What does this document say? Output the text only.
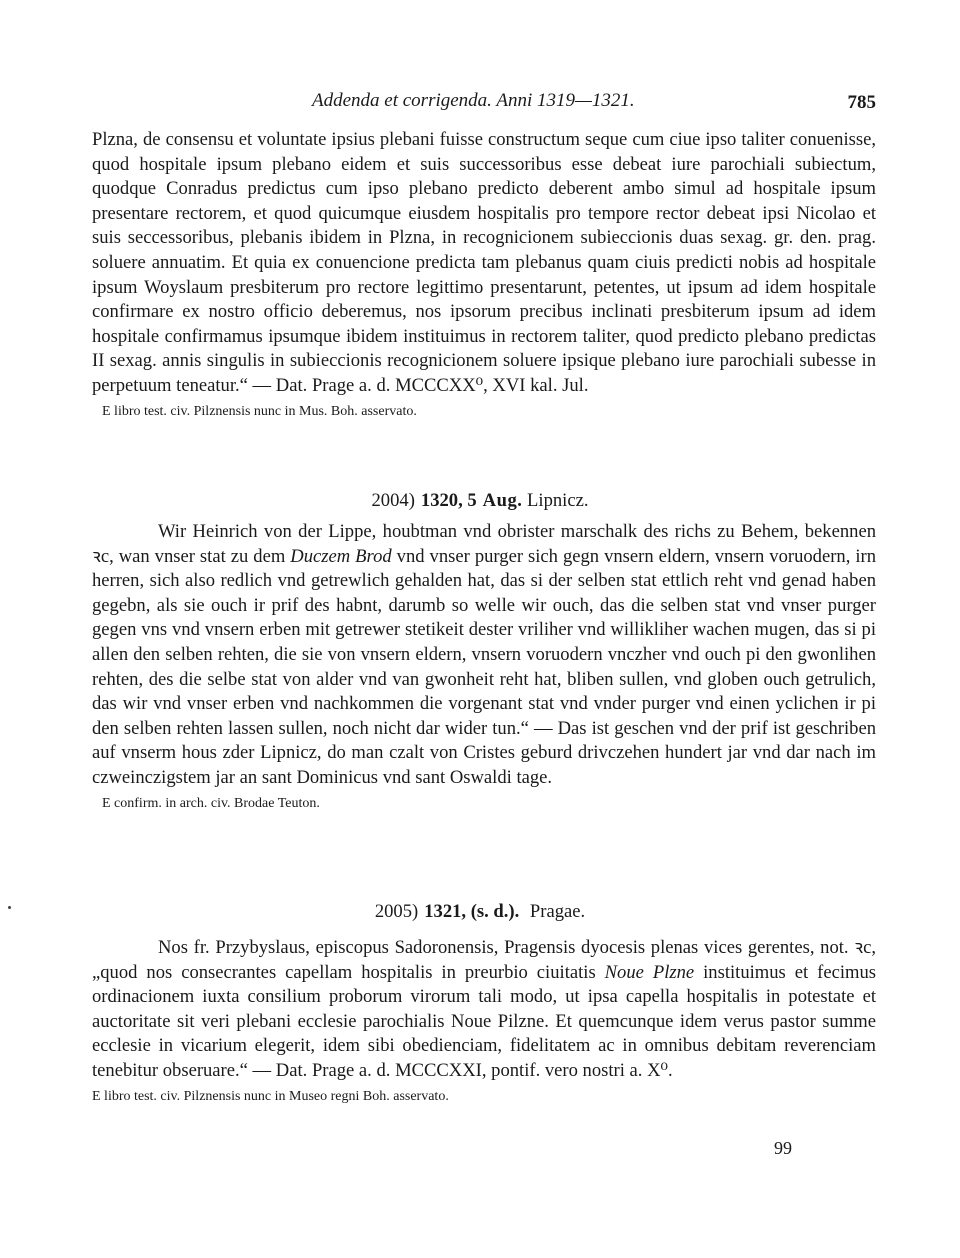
Addenda et corrigenda. Anni 1319—1321.	785

Plzna, de consensu et voluntate ipsius plebani fuisse constructum seque cum ciue ipso taliter conuenisse, quod hospitale ipsum plebano eidem et suis successoribus esse debeat iure parochiali subiectum, quodque Conradus predictus cum ipso plebano predicto deberent ambo simul ad hospitale ipsum presentare rectorem, et quod quicumque eiusdem hospitalis pro tempore rector debeat ipsi Nicolao et suis seccessoribus, plebanis ibidem in Plzna, in recognicionem subieccionis duas sexag. gr. den. prag. soluere annuatim. Et quia ex conuencione predicta tam plebanus quam ciuis predicti nobis ad hospitale ipsum Woyslaum presbiterum pro rectore legittimo presentarunt, petentes, ut ipsum ad idem hospitale confirmare ex nostro officio deberemus, nos ipsorum precibus inclinati presbiterum ipsum ad idem hospitale confirmamus ipsumque ibidem instituimus in rectorem taliter, quod predicto plebano predictas II sexag. annis singulis in subieccionis recognicionem soluere ipsique plebano iure parochiali subesse in perpetuum teneatur.“ — Dat. Prage a. d. MCCCXX⁰, XVI kal. Jul.

E libro test. civ. Pilznensis nunc in Mus. Boh. asservato.

2004) 1320, 5 Aug. Lipnicz.

Wir Heinrich von der Lippe, houbtman vnd obrister marschalk des richs zu Behem, bekennen ꝛc, wan vnser stat zu dem Duczem Brod vnd vnser purger sich gegn vnsern eldern, vnsern voruodern, irn herren, sich also redlich vnd getrewlich gehalden hat, das si der selben stat ettlich reht vnd genad haben gegebn, als sie ouch ir prif des habnt, darumb so welle wir ouch, das die selben stat vnd vnser purger gegen vns vnd vnsern erben mit getrewer stetikeit dester vriliher vnd willikliher wachen mugen, das si pi allen den selben rehten, die sie von vnsern eldern, vnsern voruodern vnczher vnd ouch pi den gwonlihen rehten, des die selbe stat von alder vnd van gwonheit reht hat, bliben sullen, vnd globen ouch getrulich, das wir vnd vnser erben vnd nachkommen die vorgenant stat vnd vnder purger vnd einen yclichen ir pi den selben rehten lassen sullen, noch nicht dar wider tun.“ — Das ist geschen vnd der prif ist geschriben auf vnserm hous zder Lipnicz, do man czalt von Cristes geburd drivczehen hundert jar vnd dar nach im czweinczigstem jar an sant Dominicus vnd sant Oswaldi tage.

E confirm. in arch. civ. Brodae Teuton.

2005) 1321, (s. d.). Pragae.

Nos fr. Przybyslaus, episcopus Sadoronensis, Pragensis dyocesis plenas vices gerentes, not. ꝛc, „quod nos consecrantes capellam hospitalis in preurbio ciuitatis Noue Plzne instituimus et fecimus ordinacionem iuxta consilium proborum virorum tali modo, ut ipsa capella hospitalis in potestate et auctoritate sit veri plebani ecclesie parochialis Noue Pilzne. Et quemcunque idem verus pastor summe ecclesie in vicarium elegerit, idem sibi obedienciam, fidelitatem ac in omnibus debitam reverenciam tenebitur obseruare.“ — Dat. Prage a. d. MCCCXXI, pontif. vero nostri a. X⁰.

E libro test. civ. Pilznensis nunc in Museo regni Boh. asservato.

99
